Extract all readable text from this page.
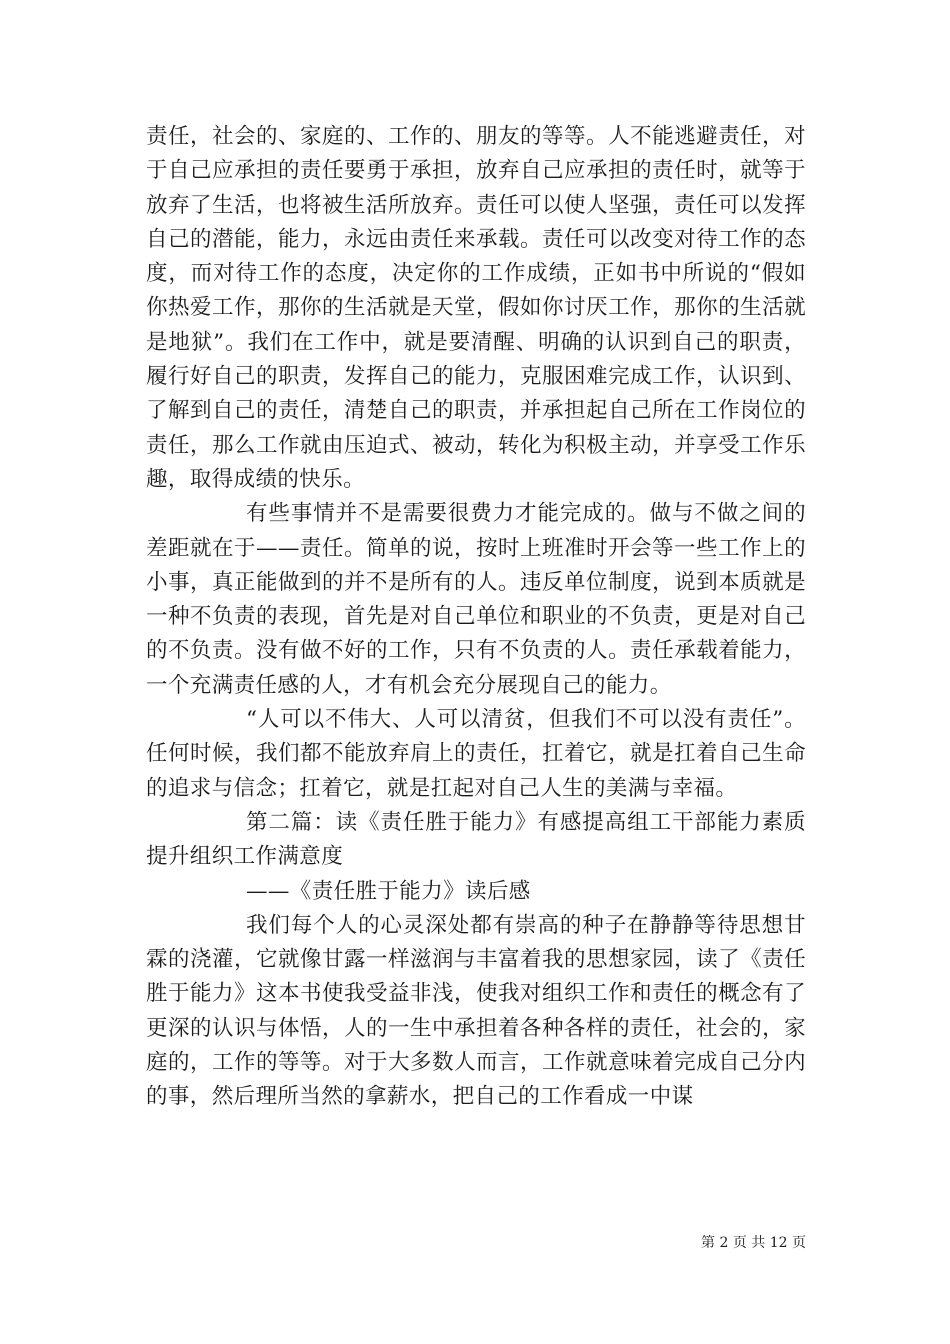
责任，社会的、家庭的、工作的、朋友的等等。人不能逃避责任，对于自己应承担的责任要勇于承担，放弃自己应承担的责任时，就等于放弃了生活，也将被生活所放弃。责任可以使人坚强，责任可以发挥自己的潜能，能力，永远由责任来承载。责任可以改变对待工作的态度，而对待工作的态度，决定你的工作成绩，正如书中所说的“假如你热爱工作，那你的生活就是天堂，假如你讨厌工作，那你的生活就是地狱”。我们在工作中，就是要清醒、明确的认识到自己的职责，履行好自己的职责，发挥自己的能力，克服困难完成工作，认识到、了解到自己的责任，清楚自己的职责，并承担起自己所在工作岗位的责任，那么工作就由压迫式、被动，转化为积极主动，并享受工作乐趣，取得成绩的快乐。

有些事情并不是需要很费力才能完成的。做与不做之间的差距就在于——责任。简单的说，按时上班准时开会等一些工作上的小事，真正能做到的并不是所有的人。违反单位制度，说到本质就是一种不负责的表现，首先是对自己单位和职业的不负责，更是对自己的不负责。没有做不好的工作，只有不负责的人。责任承载着能力，一个充满责任感的人，才有机会充分展现自己的能力。

“人可以不伟大、人可以清贫，但我们不可以没有责任”。任何时候，我们都不能放弃肩上的责任，扛着它，就是扛着自己生命的追求与信念；扛着它，就是扛起对自己人生的美满与幸福。

第二篇：读《责任胜于能力》有感提高组工干部能力素质提升组织工作满意度

——《责任胜于能力》读后感

我们每个人的心灵深处都有崇高的种子在静静等待思想甘霖的浇灌，它就像甘露一样滋润与丰富着我的思想家园，读了《责任胜于能力》这本书使我受益非浅，使我对组织工作和责任的概念有了更深的认识与体悟，人的一生中承担着各种各样的责任，社会的，家庭的，工作的等等。对于大多数人而言，工作就意味着完成自己分内的事，然后理所当然的拿薪水，把自己的工作看成一中谋

第 2 页 共 12 页
